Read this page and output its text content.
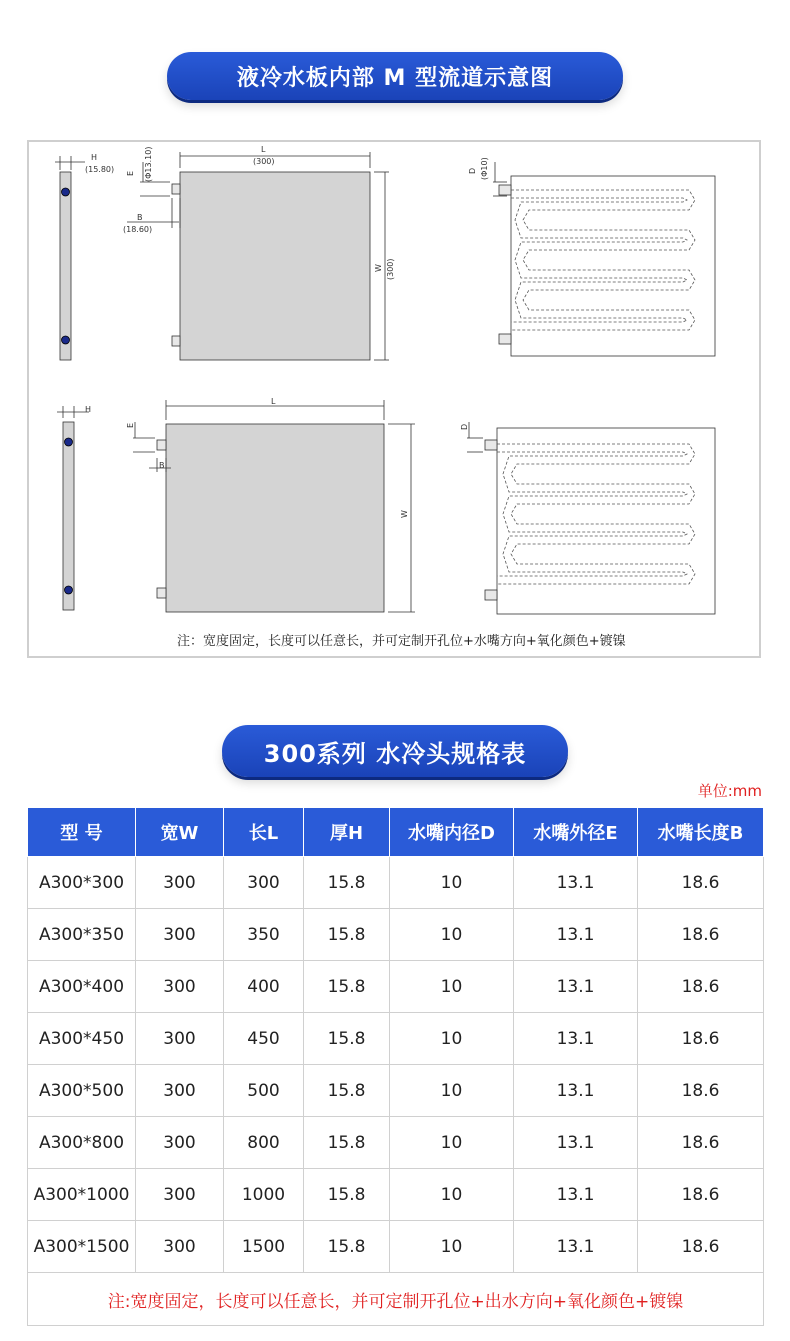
液冷水板内部 M 型流道示意图
H
(15.80)
L
(300)
E (Φ13.10)
B
(18.60)
W (300)
D (Φ10)
H
L
E
B
W
D
注：宽度固定，长度可以任意长，并可定制开孔位+水嘴方向+氧化颜色+镀镍
300系列 水冷头规格表
单位:mm
型 号	宽W	长L	厚H	水嘴内径D	水嘴外径E	水嘴长度B
A300*300	300	300	15.8	10	13.1	18.6
A300*350	300	350	15.8	10	13.1	18.6
A300*400	300	400	15.8	10	13.1	18.6
A300*450	300	450	15.8	10	13.1	18.6
A300*500	300	500	15.8	10	13.1	18.6
A300*800	300	800	15.8	10	13.1	18.6
A300*1000	300	1000	15.8	10	13.1	18.6
A300*1500	300	1500	15.8	10	13.1	18.6
注:宽度固定，长度可以任意长，并可定制开孔位+出水方向+氧化颜色+镀镍						
